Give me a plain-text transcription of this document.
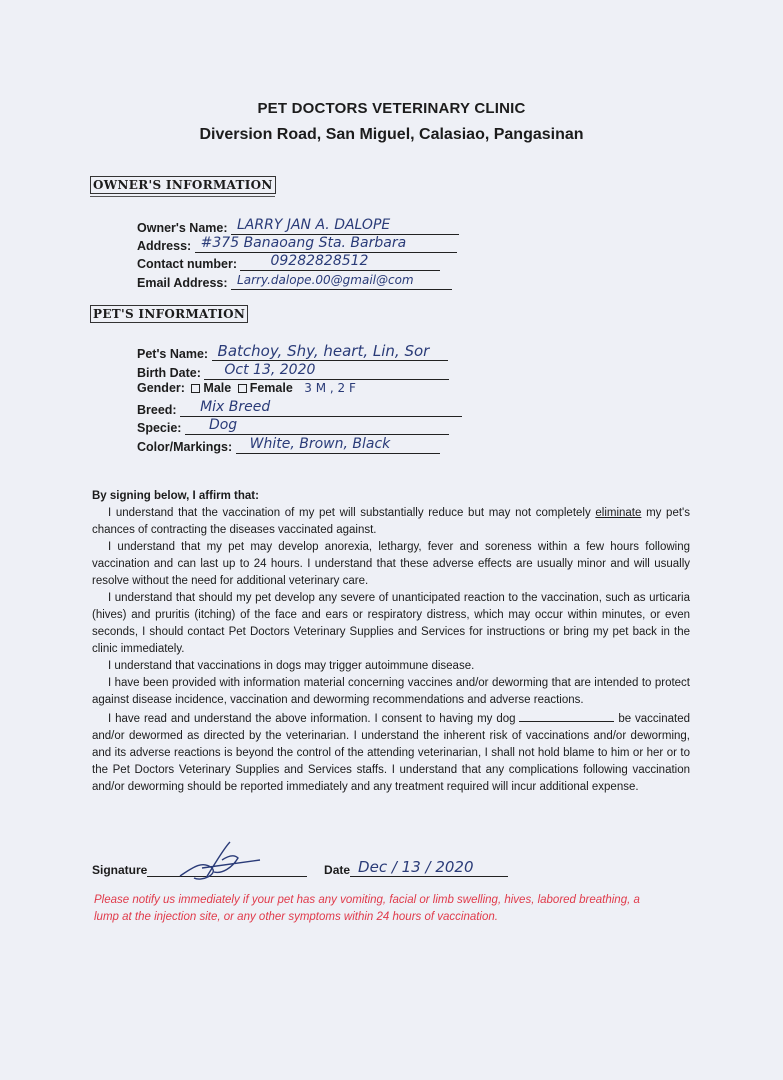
PET DOCTORS VETERINARY CLINIC
Diversion Road, San Miguel, Calasiao, Pangasinan
OWNER'S INFORMATION
Owner's Name: LARRY JAN A. DALOPE
Address: #375 Banaoang Sta. Barbara
Contact number: 09282828512
Email Address: Larry.dalope.00@gmail@com
PET'S INFORMATION
Pet's Name: Batchoy, Shy, heart, Lin, Sor
Birth Date: Oct 13, 2020
Gender: Male Female 3 M , 2 F
Breed: Mix Breed
Specie: Dog
Color/Markings: White, Brown, Black

By signing below, I affirm that:

I understand that the vaccination of my pet will substantially reduce but may not completely eliminate my pet's chances of contracting the diseases vaccinated against.

I understand that my pet may develop anorexia, lethargy, fever and soreness within a few hours following vaccination and can last up to 24 hours. I understand that these adverse effects are usually minor and will usually resolve without the need for additional veterinary care.

I understand that should my pet develop any severe of unanticipated reaction to the vaccination, such as urticaria (hives) and pruritis (itching) of the face and ears or respiratory distress, which may occur within minutes, or even seconds, I should contact Pet Doctors Veterinary Supplies and Services for instructions or bring my pet back in the clinic immediately.

I understand that vaccinations in dogs may trigger autoimmune disease.

I have been provided with information material concerning vaccines and/or deworming that are intended to protect against disease incidence, vaccination and deworming recommendations and adverse reactions.

I have read and understand the above information. I consent to having my dog	be vaccinated and/or dewormed as directed by the veterinarian. I understand the inherent risk of vaccinations and/or deworming, and its adverse reactions is beyond the control of the attending veterinarian, I shall not hold blame to him or her or to the Pet Doctors Veterinary Supplies and Services staffs. I understand that any complications following vaccination and/or deworming should be reported immediately and any treatment required will incur additional expense.

Signature	Date Dec / 13 / 2020
Please notify us immediately if your pet has any vomiting, facial or limb swelling, hives, labored breathing, a lump at the injection site, or any other symptoms within 24 hours of vaccination.
